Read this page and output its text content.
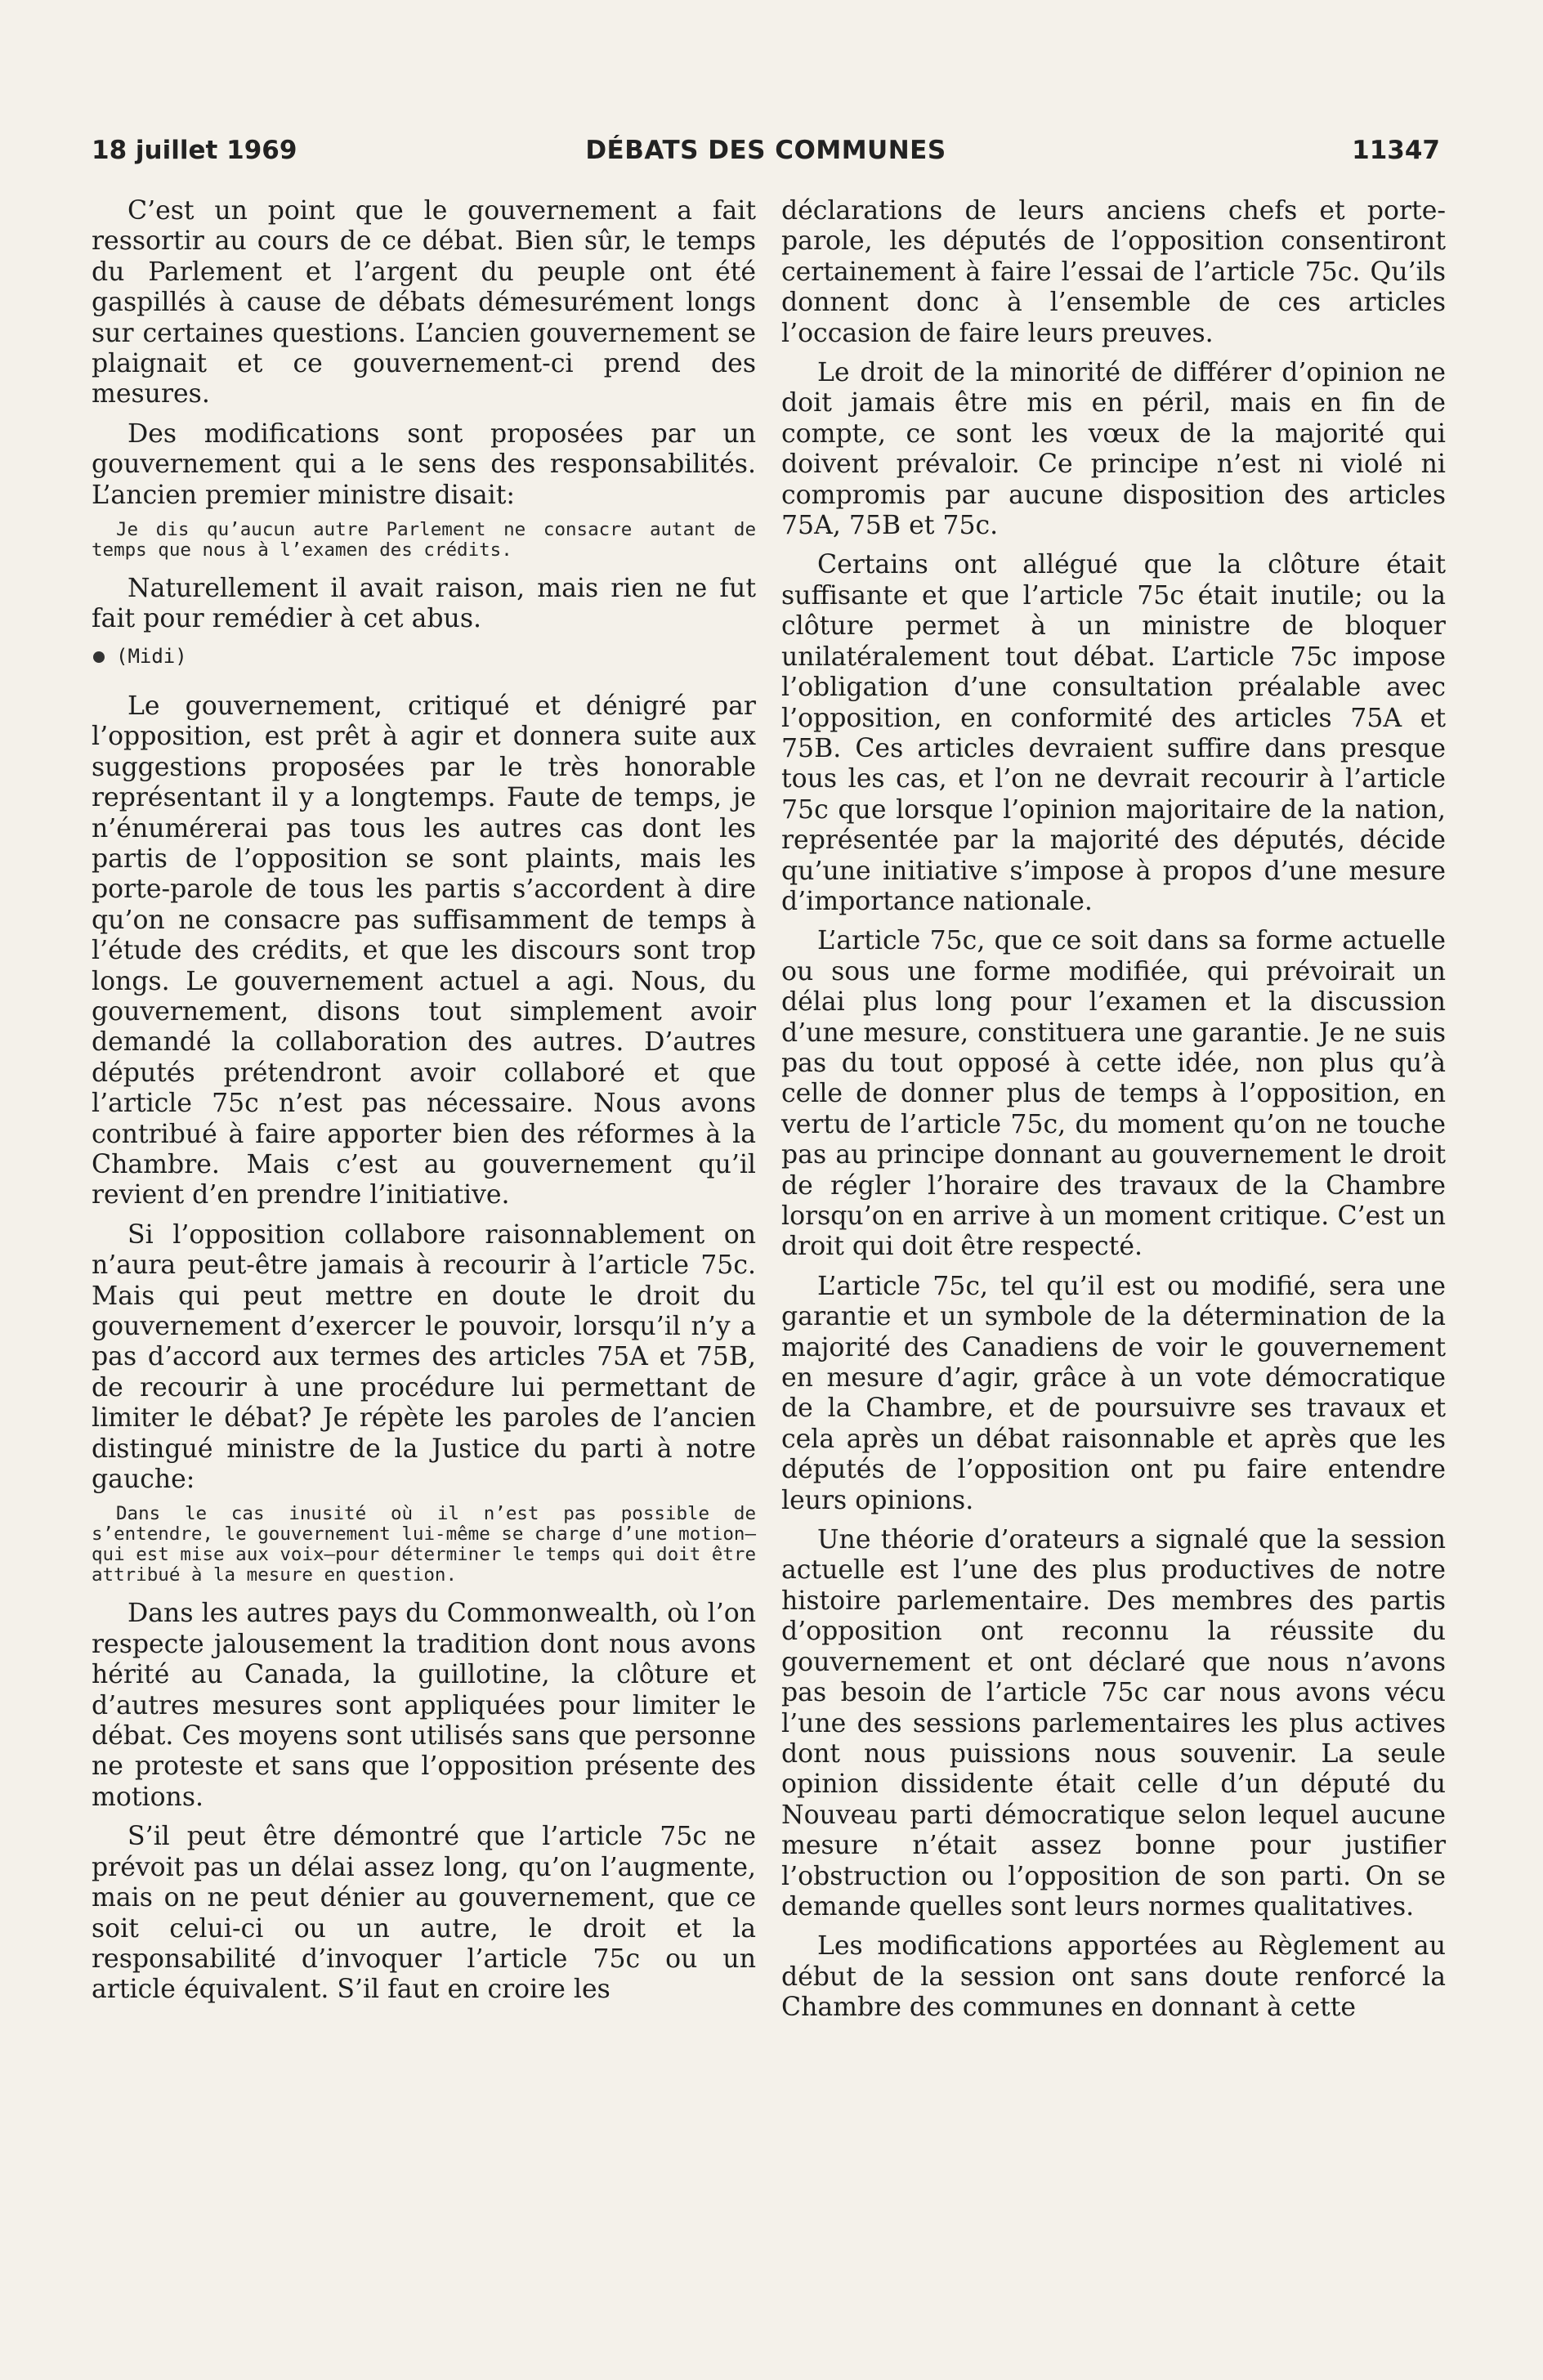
18 juillet 1969	DÉBATS DES COMMUNES	11347

C’est un point que le gouvernement a fait ressortir au cours de ce débat. Bien sûr, le temps du Parlement et l’argent du peuple ont été gaspillés à cause de débats démesurément longs sur certaines questions. L’ancien gouvernement se plaignait et ce gouvernement-ci prend des mesures.

Des modifications sont proposées par un gouvernement qui a le sens des responsabilités. L’ancien premier ministre disait:

Je dis qu’aucun autre Parlement ne consacre autant de temps que nous à l’examen des crédits.

Naturellement il avait raison, mais rien ne fut fait pour remédier à cet abus.

(Midi)

Le gouvernement, critiqué et dénigré par l’opposition, est prêt à agir et donnera suite aux suggestions proposées par le très honorable représentant il y a longtemps. Faute de temps, je n’énumérerai pas tous les autres cas dont les partis de l’opposition se sont plaints, mais les porte-parole de tous les partis s’accordent à dire qu’on ne consacre pas suffisamment de temps à l’étude des crédits, et que les discours sont trop longs. Le gouvernement actuel a agi. Nous, du gouvernement, disons tout simplement avoir demandé la collaboration des autres. D’autres députés prétendront avoir collaboré et que l’article 75c n’est pas nécessaire. Nous avons contribué à faire apporter bien des réformes à la Chambre. Mais c’est au gouvernement qu’il revient d’en prendre l’initiative.

Si l’opposition collabore raisonnablement on n’aura peut-être jamais à recourir à l’article 75c. Mais qui peut mettre en doute le droit du gouvernement d’exercer le pouvoir, lorsqu’il n’y a pas d’accord aux termes des articles 75A et 75B, de recourir à une procédure lui permettant de limiter le débat? Je répète les paroles de l’ancien distingué ministre de la Justice du parti à notre gauche:

Dans le cas inusité où il n’est pas possible de s’entendre, le gouvernement lui-même se charge d’une motion—qui est mise aux voix—pour déterminer le temps qui doit être attribué à la mesure en question.

Dans les autres pays du Commonwealth, où l’on respecte jalousement la tradition dont nous avons hérité au Canada, la guillotine, la clôture et d’autres mesures sont appliquées pour limiter le débat. Ces moyens sont utilisés sans que personne ne proteste et sans que l’opposition présente des motions.

S’il peut être démontré que l’article 75c ne prévoit pas un délai assez long, qu’on l’augmente, mais on ne peut dénier au gouvernement, que ce soit celui-ci ou un autre, le droit et la responsabilité d’invoquer l’article 75c ou un article équivalent. S’il faut en croire les

déclarations de leurs anciens chefs et porte-parole, les députés de l’opposition consentiront certainement à faire l’essai de l’article 75c. Qu’ils donnent donc à l’ensemble de ces articles l’occasion de faire leurs preuves.

Le droit de la minorité de différer d’opinion ne doit jamais être mis en péril, mais en fin de compte, ce sont les vœux de la majorité qui doivent prévaloir. Ce principe n’est ni violé ni compromis par aucune disposition des articles 75A, 75B et 75c.

Certains ont allégué que la clôture était suffisante et que l’article 75c était inutile; ou la clôture permet à un ministre de bloquer unilatéralement tout débat. L’article 75c impose l’obligation d’une consultation préalable avec l’opposition, en conformité des articles 75A et 75B. Ces articles devraient suffire dans presque tous les cas, et l’on ne devrait recourir à l’article 75c que lorsque l’opinion majoritaire de la nation, représentée par la majorité des députés, décide qu’une initiative s’impose à propos d’une mesure d’importance nationale.

L’article 75c, que ce soit dans sa forme actuelle ou sous une forme modifiée, qui prévoirait un délai plus long pour l’examen et la discussion d’une mesure, constituera une garantie. Je ne suis pas du tout opposé à cette idée, non plus qu’à celle de donner plus de temps à l’opposition, en vertu de l’article 75c, du moment qu’on ne touche pas au principe donnant au gouvernement le droit de régler l’horaire des travaux de la Chambre lorsqu’on en arrive à un moment critique. C’est un droit qui doit être respecté.

L’article 75c, tel qu’il est ou modifié, sera une garantie et un symbole de la détermination de la majorité des Canadiens de voir le gouvernement en mesure d’agir, grâce à un vote démocratique de la Chambre, et de poursuivre ses travaux et cela après un débat raisonnable et après que les députés de l’opposition ont pu faire entendre leurs opinions.

Une théorie d’orateurs a signalé que la session actuelle est l’une des plus productives de notre histoire parlementaire. Des membres des partis d’opposition ont reconnu la réussite du gouvernement et ont déclaré que nous n’avons pas besoin de l’article 75c car nous avons vécu l’une des sessions parlementaires les plus actives dont nous puissions nous souvenir. La seule opinion dissidente était celle d’un député du Nouveau parti démocratique selon lequel aucune mesure n’était assez bonne pour justifier l’obstruction ou l’opposition de son parti. On se demande quelles sont leurs normes qualitatives.

Les modifications apportées au Règlement au début de la session ont sans doute renforcé la Chambre des communes en donnant à cette
